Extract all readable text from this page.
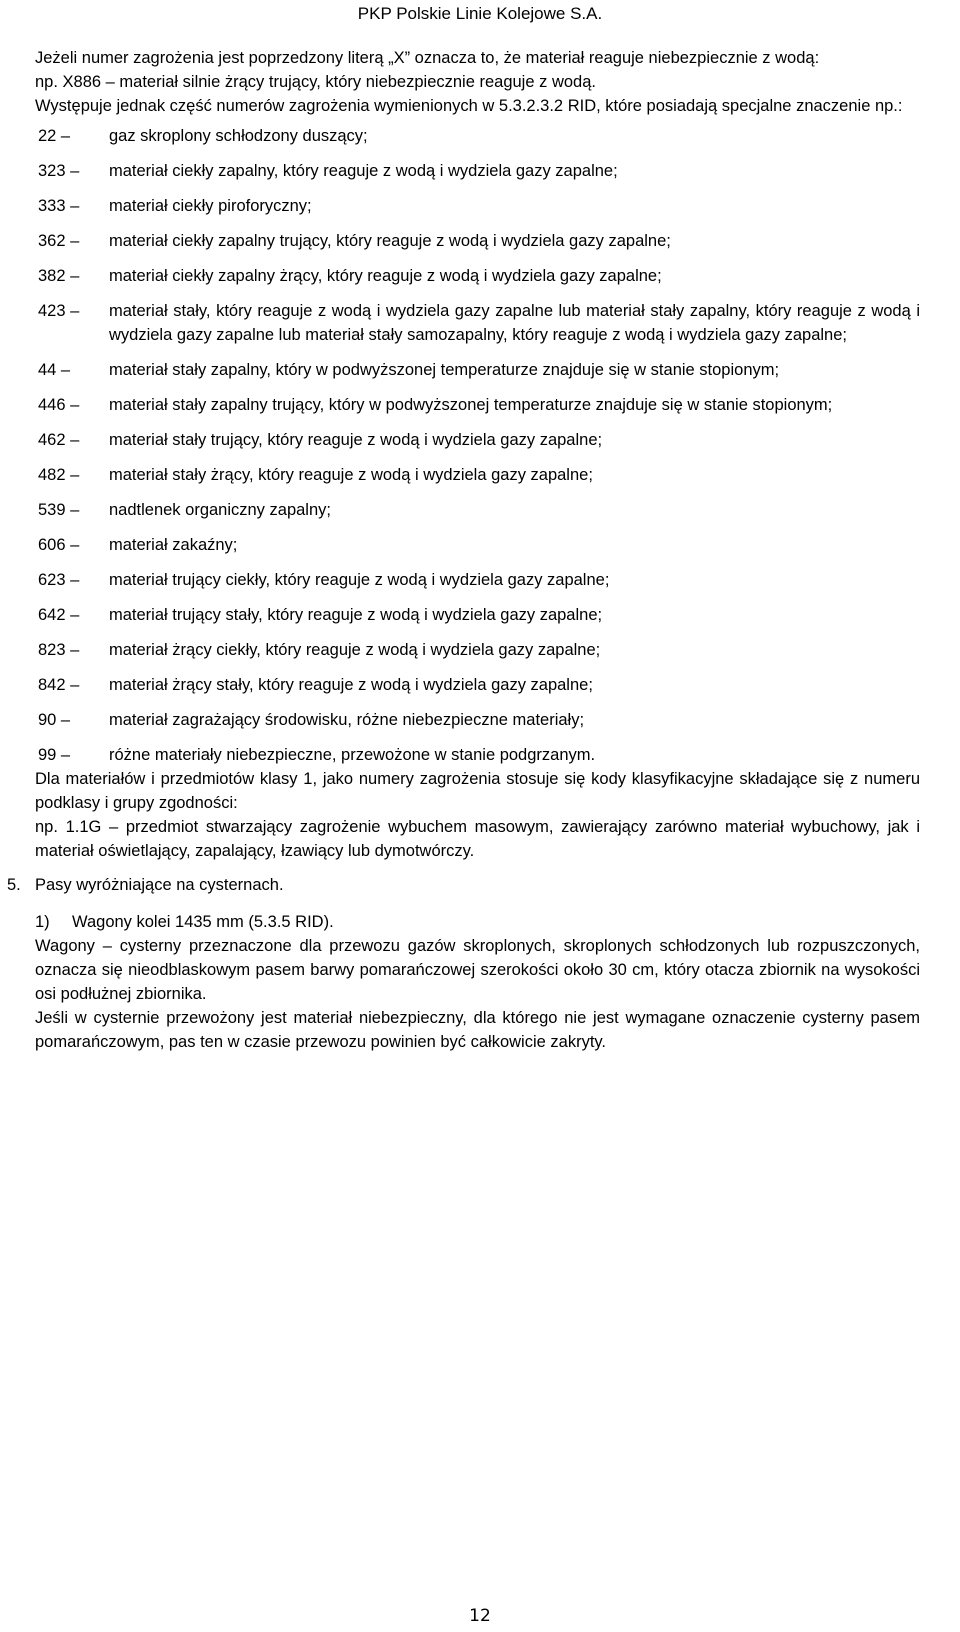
PKP Polskie Linie Kolejowe S.A.

Jeżeli numer zagrożenia jest poprzedzony literą „X” oznacza to, że materiał reaguje niebezpiecznie z wodą:

np. X886 – materiał silnie żrący trujący, który niebezpiecznie reaguje z wodą.

Występuje jednak część numerów zagrożenia wymienionych w 5.3.2.3.2 RID, które posiadają specjalne znaczenie np.:

22 –	gaz skroplony schłodzony duszący;
323 –	materiał ciekły zapalny, który reaguje z wodą i wydziela gazy zapalne;
333 –	materiał ciekły piroforyczny;
362 –	materiał ciekły zapalny trujący, który reaguje z wodą i wydziela gazy zapalne;
382 –	materiał ciekły zapalny żrący, który reaguje z wodą i wydziela gazy zapalne;
423 –	materiał stały, który reaguje z wodą i wydziela gazy zapalne lub materiał stały zapalny, który reaguje z wodą i wydziela gazy zapalne lub materiał stały samozapalny, który reaguje z wodą i wydziela gazy zapalne;
44 –	materiał stały zapalny, który w podwyższonej temperaturze znajduje się w stanie stopionym;
446 –	materiał stały zapalny trujący, który w podwyższonej temperaturze znajduje się w stanie stopionym;
462 –	materiał stały trujący, który reaguje z wodą i wydziela gazy zapalne;
482 –	materiał stały żrący, który reaguje z wodą i wydziela gazy zapalne;
539 –	nadtlenek organiczny zapalny;
606 –	materiał zakaźny;
623 –	materiał trujący ciekły, który reaguje z wodą i wydziela gazy zapalne;
642 –	materiał trujący stały, który reaguje z wodą i wydziela gazy zapalne;
823 –	materiał żrący ciekły, który reaguje z wodą i wydziela gazy zapalne;
842 –	materiał żrący stały, który reaguje z wodą i wydziela gazy zapalne;
90 –	materiał zagrażający środowisku, różne niebezpieczne materiały;
99 –	różne materiały niebezpieczne, przewożone w stanie podgrzanym.

Dla materiałów i przedmiotów klasy 1, jako numery zagrożenia stosuje się kody klasyfikacyjne składające się z numeru podklasy i grupy zgodności:

np. 1.1G – przedmiot stwarzający zagrożenie wybuchem masowym, zawierający zarówno materiał wybuchowy, jak i materiał oświetlający, zapalający, łzawiący lub dymotwórczy.

5. Pasy wyróżniające na cysternach.
1)	Wagony kolei 1435 mm (5.3.5 RID).

Wagony – cysterny przeznaczone dla przewozu gazów skroplonych, skroplonych schłodzonych lub rozpuszczonych, oznacza się nieodblaskowym pasem barwy pomarańczowej szerokości około 30 cm, który otacza zbiornik na wysokości osi podłużnej zbiornika.

Jeśli w cysternie przewożony jest materiał niebezpieczny, dla którego nie jest wymagane oznaczenie cysterny pasem pomarańczowym, pas ten w czasie przewozu powinien być całkowicie zakryty.

12
